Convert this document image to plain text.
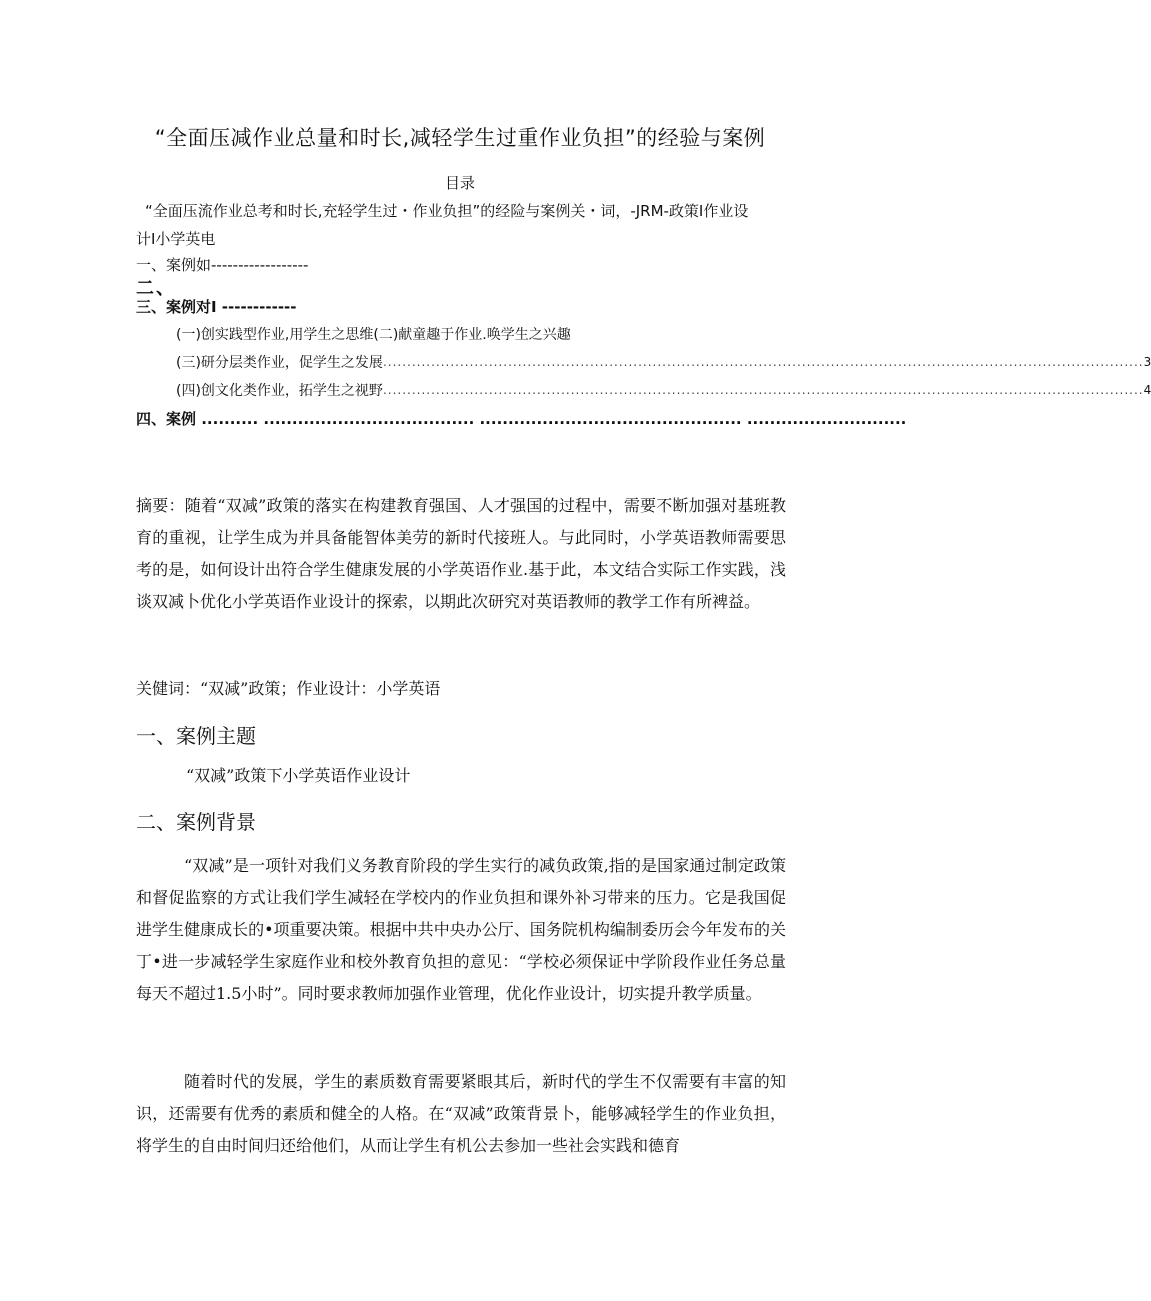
“全面压减作业总量和时长,减轻学生过重作业负担”的经验与案例
目录
“全面压流作业总考和时长,充轻学生过・作业负担”的经险与案例关・词，-JRM-政策I作业设
计I小学英电
一、案例如------------------
二、
三、案例对Ⅰ ------------
(一)创实践型作业,用学生之思维(二)献童趣于作业.唤学生之兴趣
(三)研分层类作业，促学生之发展 .............................................................................................................................................................. 3
(四)创文化类作业，拓学生之视野 .............................................................................................................................................................. 4
四、案例 .......... ..................................... .............................................. ............................
摘要：随着“双减”政策的落实在构建教育强国、人才强国的过程中，需要不断加强对基班教育的重视，让学生成为并具备能智体美劳的新时代接班人。与此同时，小学英语教师需要思考的是，如何设计出符合学生健康发展的小学英语作业.基于此，本文结合实际工作实践，浅谈双减卜优化小学英语作业设计的探索，以期此次研究对英语教师的教学工作有所裨益。
关健词：“双减”政策；作业设计：小学英语
一、案例主题
“双减”政策下小学英语作业设计
二、案例背景
“双减”是一项针对我们义务教育阶段的学生实行的减负政策,指的是国家通过制定政策和督促监察的方式让我们学生减轻在学校内的作业负担和课外补习带来的压力。它是我国促进学生健康成长的•项重要决策。根据中共中央办公厅、国务院机构编制委历会今年发布的关丁•进一步减轻学生家庭作业和校外教育负担的意见：“学校必须保证中学阶段作业任务总量每天不超过1.5小时”。同时要求教师加强作业管理，优化作业设计，切实提升教学质量。
随着时代的发展，学生的素质数育需要紧眼其后，新时代的学生不仅需要有丰富的知识，还需要有优秀的素质和健全的人格。在“双减”政策背景卜，能够减轻学生的作业负担，将学生的自由时间归还给他们，从而让学生有机公去参加一些社会实践和德育
